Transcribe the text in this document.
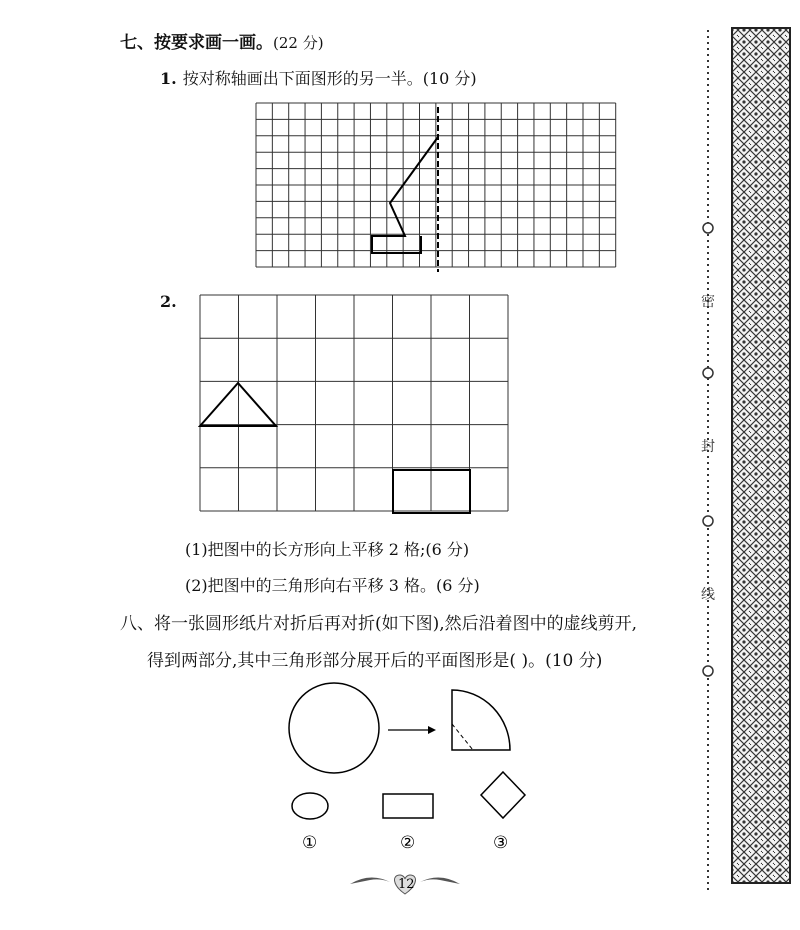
七、按要求画一画。(22 分)
1. 按对称轴画出下面图形的另一半。(10 分)
2.
(1)把图中的长方形向上平移 2 格;(6 分)
(2)把图中的三角形向右平移 3 格。(6 分)
八、将一张圆形纸片对折后再对折(如下图),然后沿着图中的虚线剪开,
得到两部分,其中三角形部分展开后的平面图形是( )。(10 分)
①	②	③
12
密
封
线
